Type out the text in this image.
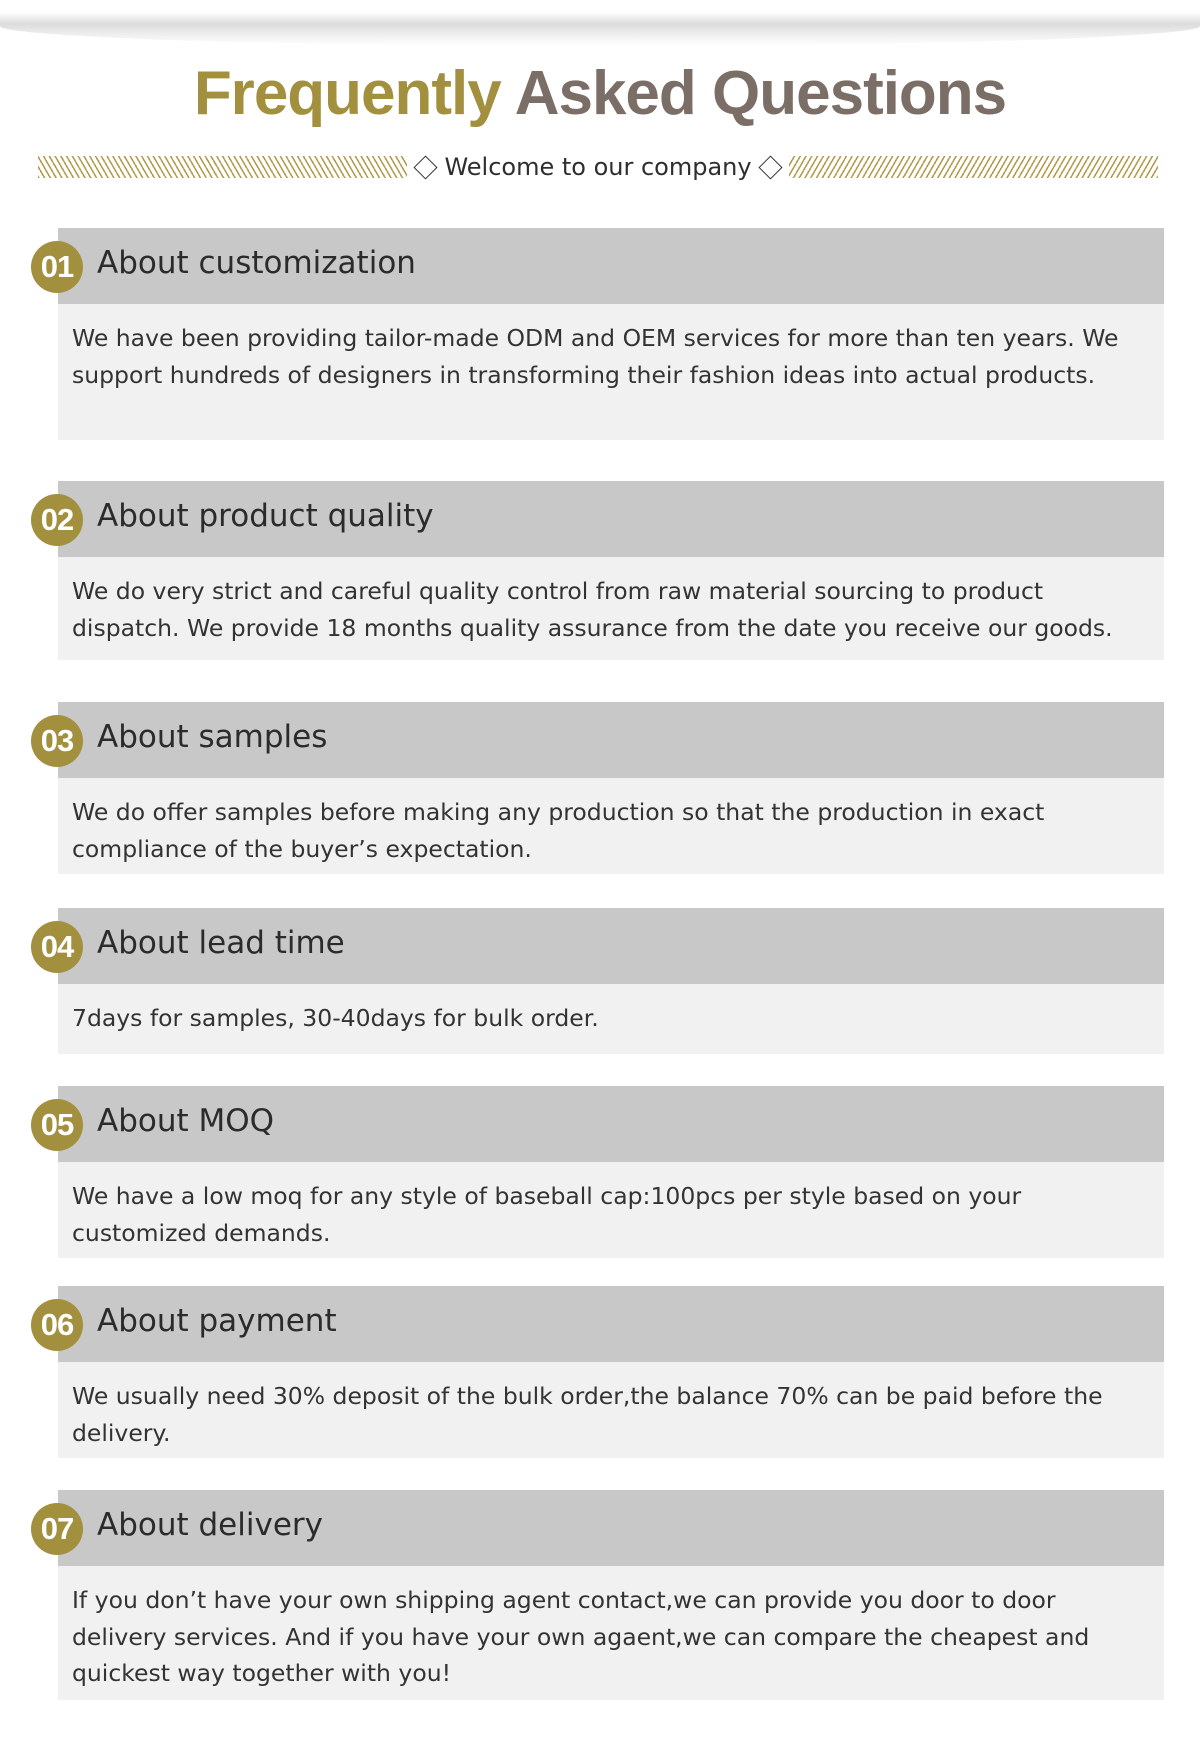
Frequently Asked Questions
Welcome to our company
01 About customization
We have been providing tailor-made ODM and OEM services for more than ten years. We support hundreds of designers in transforming their fashion ideas into actual products.
02 About product quality
We do very strict and careful quality control from raw material sourcing to product dispatch. We provide 18 months quality assurance from the date you receive our goods.
03 About samples
We do offer samples before making any production so that the production in exact compliance of the buyer’s expectation.
04 About lead time
7days for samples, 30-40days for bulk order.
05 About MOQ
We have a low moq for any style of baseball cap:100pcs per style based on your customized demands.
06 About payment
We usually need 30% deposit of the bulk order,the balance 70% can be paid before the delivery.
07 About delivery
If you don’t have your own shipping agent contact,we can provide you door to door delivery services. And if you have your own agaent,we can compare the cheapest and quickest way together with you!
